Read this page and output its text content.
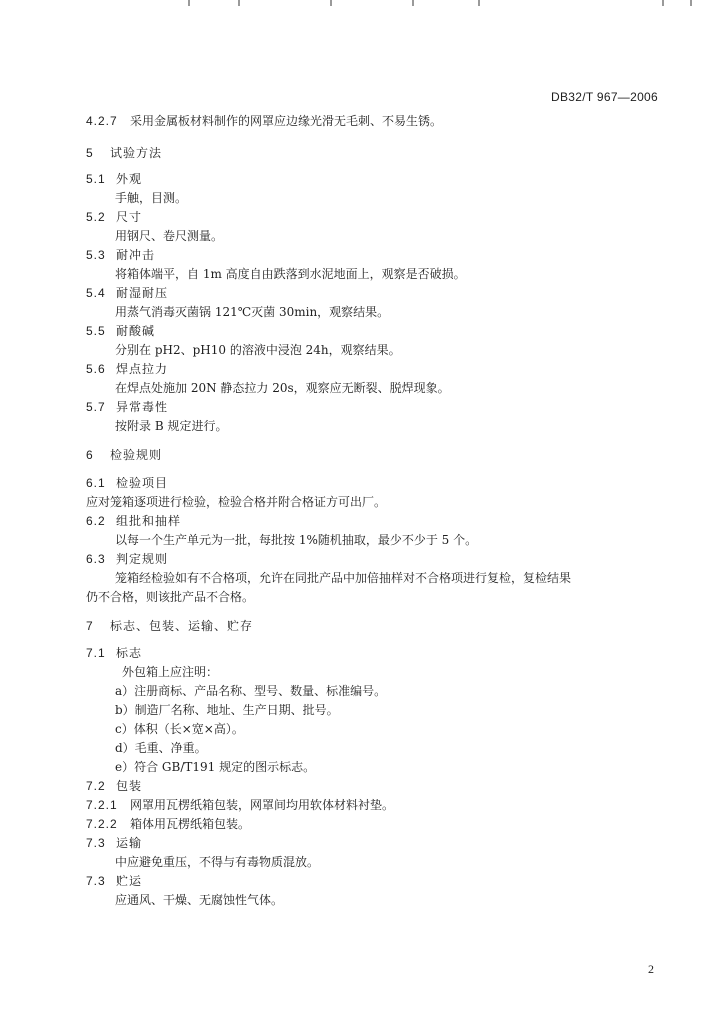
DB32/T 967—2006
4.2.7 采用金属板材料制作的网罩应边缘光滑无毛刺、不易生锈。
5 试验方法
5.1 外观
手触，目测。
5.2 尺寸
用钢尺、卷尺测量。
5.3 耐冲击
将箱体端平，自 1m 高度自由跌落到水泥地面上，观察是否破损。
5.4 耐湿耐压
用蒸气消毒灭菌锅 121℃灭菌 30min，观察结果。
5.5 耐酸碱
分别在 pH2、pH10 的溶液中浸泡 24h，观察结果。
5.6 焊点拉力
在焊点处施加 20N 静态拉力 20s，观察应无断裂、脱焊现象。
5.7 异常毒性
按附录 B 规定进行。
6 检验规则
6.1 检验项目
应对笼箱逐项进行检验，检验合格并附合格证方可出厂。
6.2 组批和抽样
以每一个生产单元为一批，每批按 1%随机抽取，最少不少于 5 个。
6.3 判定规则
笼箱经检验如有不合格项，允许在同批产品中加倍抽样对不合格项进行复检，复检结果
仍不合格，则该批产品不合格。
7 标志、包装、运输、贮存
7.1 标志
外包箱上应注明：
a）注册商标、产品名称、型号、数量、标准编号。
b）制造厂名称、地址、生产日期、批号。
c）体积（长×宽×高）。
d）毛重、净重。
e）符合 GB/T191 规定的图示标志。
7.2 包装
7.2.1 网罩用瓦楞纸箱包装，网罩间均用软体材料衬垫。
7.2.2 箱体用瓦楞纸箱包装。
7.3 运输
中应避免重压，不得与有毒物质混放。
7.3 贮运
应通风、干燥、无腐蚀性气体。
2
